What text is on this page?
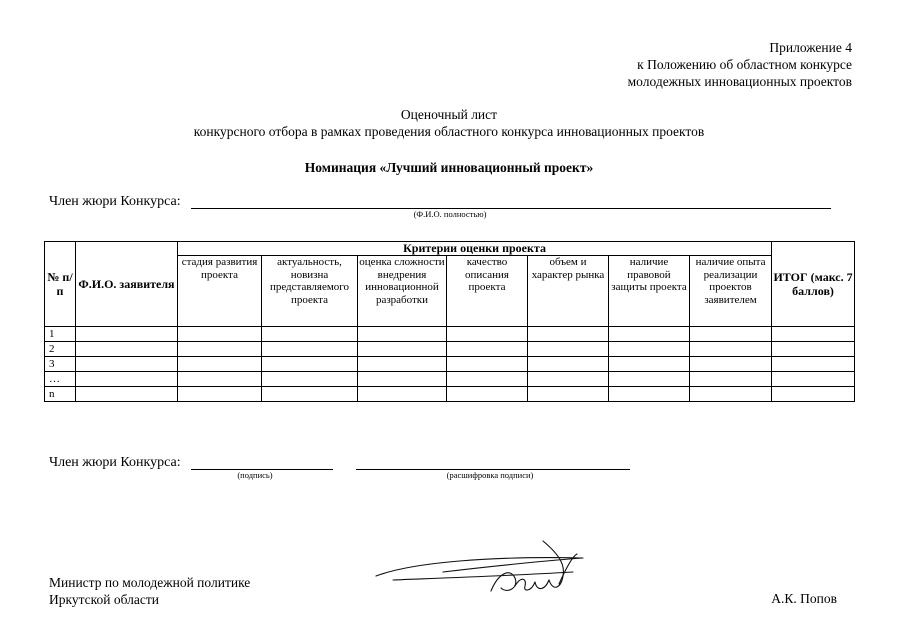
Приложение 4
к Положению об областном конкурсе
молодежных инновационных проектов
Оценочный лист
конкурсного отбора в рамках проведения областного конкурса инновационных проектов
Номинация «Лучший инновационный проект»
Член жюри Конкурса:
(Ф.И.О. полностью)
№ п/п	Ф.И.О. заявителя	Критерии оценки проекта							ИТОГ (макс. 7 баллов)
		стадия развития проекта	актуальность, новизна представляемого проекта	оценка сложности внедрения инновационной разработки	качество описания проекта	объем и характер рынка	наличие правовой защиты проекта	наличие опыта реализации проектов заявителем	
1									
2									
3									
…									
n									
Член жюри Конкурса:
(подпись)	(расшифровка подписи)
Министр по молодежной политике
Иркутской области	А.К. Попов
